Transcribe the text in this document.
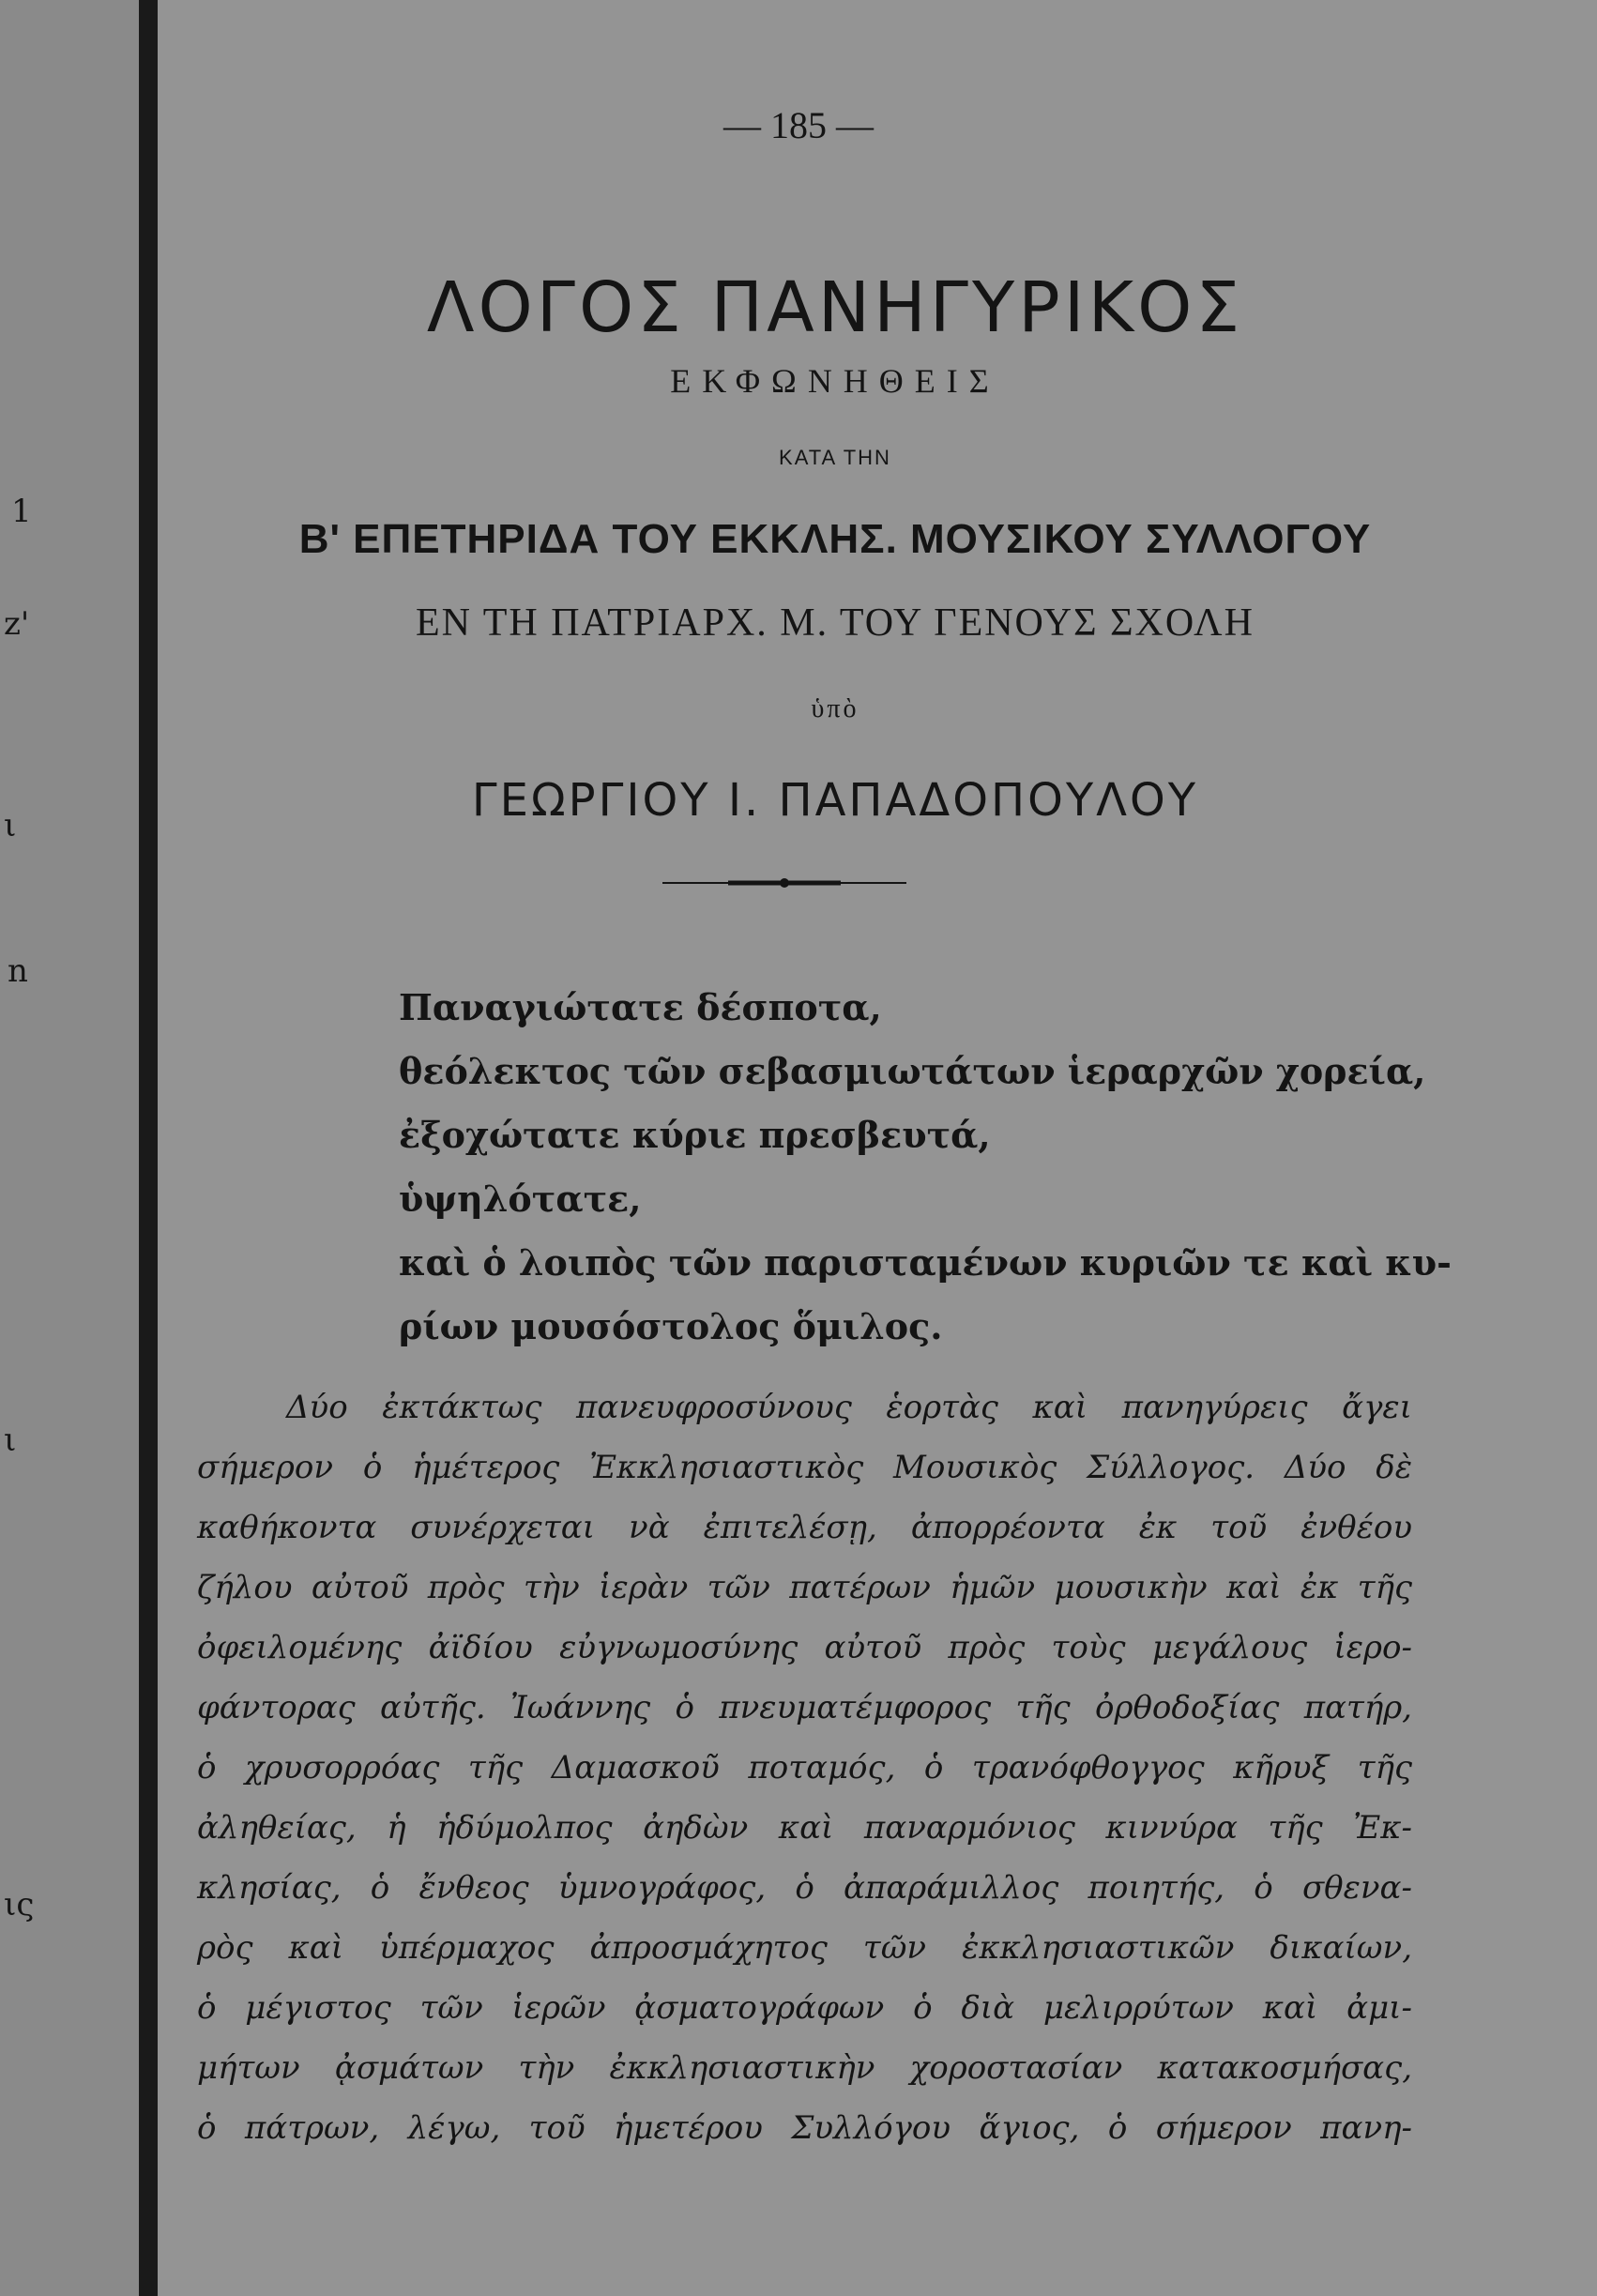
1
z'
ι
n
ι
ις
— 185 —
ΛΟΓΟΣ ΠΑΝΗΓΥΡΙΚΟΣ
ΕΚΦΩΝΗΘΕΙΣ
ΚΑΤΑ ΤΗΝ
Β' ΕΠΕΤΗΡΙΔΑ ΤΟΥ ΕΚΚΛΗΣ. ΜΟΥΣΙΚΟΥ ΣΥΛΛΟΓΟΥ
ΕΝ ΤΗ ΠΑΤΡΙΑΡΧ. Μ. ΤΟΥ ΓΕΝΟΥΣ ΣΧΟΛΗ
ὑπὸ
ΓΕΩΡΓΙΟΥ Ι. ΠΑΠΑΔΟΠΟΥΛΟΥ
Παναγιώτατε δέσποτα,
θεόλεκτος τῶν σεβασμιωτάτων ἱεραρχῶν χορεία,
ἐξοχώτατε κύριε πρεσβευτά,
ὑψηλότατε,
καὶ ὁ λοιπὸς τῶν παρισταμένων κυριῶν τε καὶ κυ-
ρίων μουσόστολος ὅμιλος.
Δύο ἐκτάκτως πανευφροσύνους ἑορτὰς καὶ πανηγύρεις ἄγει
σήμερον ὁ ἡμέτερος Ἐκκλησιαστικὸς Μουσικὸς Σύλλογος. Δύο δὲ
καθήκοντα συνέρχεται νὰ ἐπιτελέσῃ, ἀπορρέοντα ἐκ τοῦ ἐνθέου
ζήλου αὐτοῦ πρὸς τὴν ἱερὰν τῶν πατέρων ἡμῶν μουσικὴν καὶ ἐκ τῆς
ὀφειλομένης ἀϊδίου εὐγνωμοσύνης αὐτοῦ πρὸς τοὺς μεγάλους ἱερο-
φάντορας αὐτῆς. Ἰωάννης ὁ πνευματέμφορος τῆς ὀρθοδοξίας πατήρ,
ὁ χρυσορρόας τῆς Δαμασκοῦ ποταμός, ὁ τρανόφθογγος κῆρυξ τῆς
ἀληθείας, ἡ ἡδύμολπος ἀηδὼν καὶ παναρμόνιος κιννύρα τῆς Ἐκ-
κλησίας, ὁ ἔνθεος ὑμνογράφος, ὁ ἀπαράμιλλος ποιητής, ὁ σθενα-
ρὸς καὶ ὑπέρμαχος ἀπροσμάχητος τῶν ἐκκλησιαστικῶν δικαίων,
ὁ μέγιστος τῶν ἱερῶν ᾀσματογράφων ὁ διὰ μελιρρύτων καὶ ἀμι-
μήτων ᾀσμάτων τὴν ἐκκλησιαστικὴν χοροστασίαν κατακοσμήσας,
ὁ πάτρων, λέγω, τοῦ ἡμετέρου Συλλόγου ἅγιος, ὁ σήμερον πανη-
